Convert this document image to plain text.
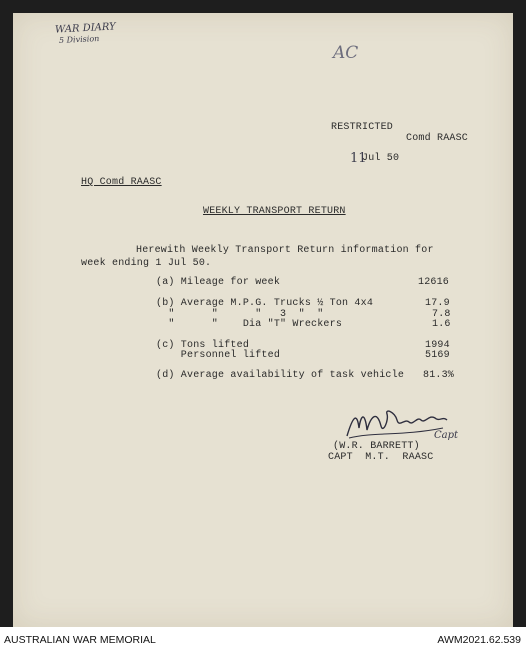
WAR DIARY
5 Division
AC
RESTRICTED
Comd RAASC
11
Jul 50
HQ Comd RAASC
WEEKLY TRANSPORT RETURN
Herewith Weekly Transport Return information for
week ending 1 Jul 50.
(a) Mileage for week	12616
(b) Average M.P.G. Trucks ½ Ton 4x4	17.9
"      "      "   3  "  "	7.8
"      "    Dia "T" Wreckers	1.6
(c) Tons lifted	1994
Personnel lifted	5169
(d) Average availability of task vehicle 81.3%
Capt
(W.R. BARRETT)
CAPT  M.T.  RAASC
AUSTRALIAN WAR MEMORIAL	AWM2021.62.539
